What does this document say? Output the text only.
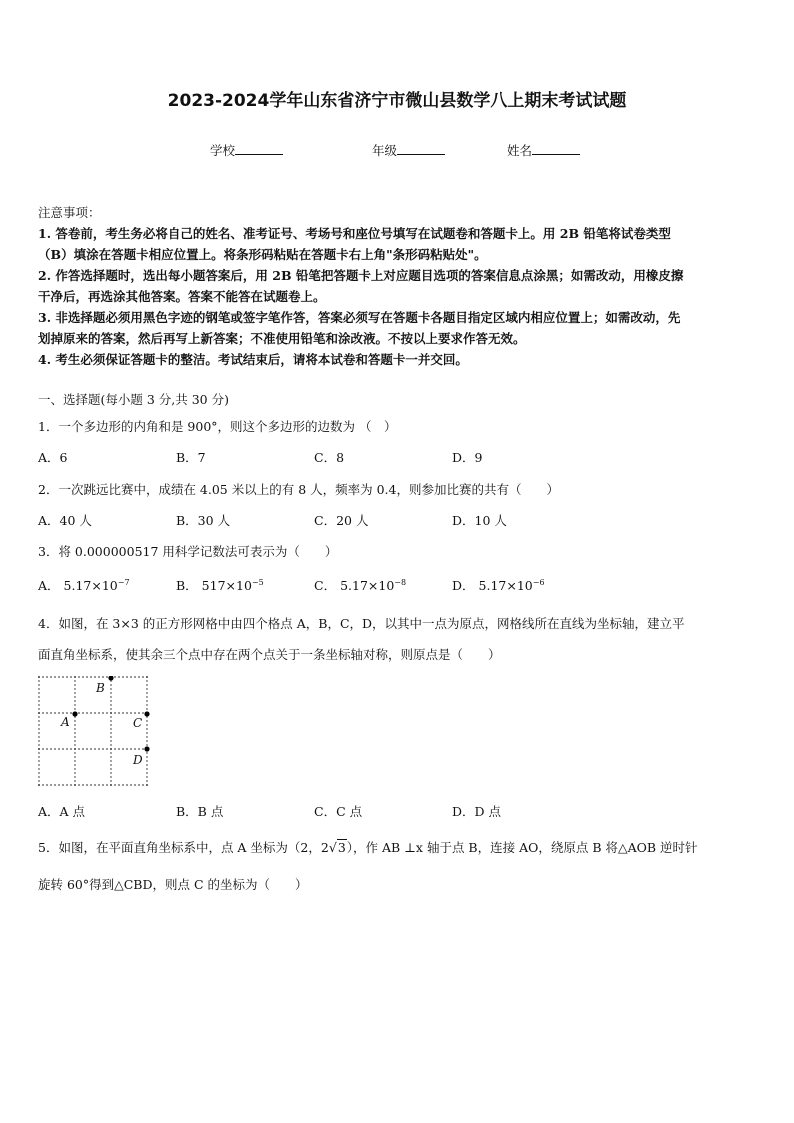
2023-2024学年山东省济宁市微山县数学八上期末考试试题
学校	年级	姓名
注意事项：
1. 答卷前，考生务必将自己的姓名、准考证号、考场号和座位号填写在试题卷和答题卡上。用 2B 铅笔将试卷类型
（B）填涂在答题卡相应位置上。将条形码粘贴在答题卡右上角"条形码粘贴处"。
2. 作答选择题时，选出每小题答案后，用 2B 铅笔把答题卡上对应题目选项的答案信息点涂黑；如需改动，用橡皮擦
干净后，再选涂其他答案。答案不能答在试题卷上。
3. 非选择题必须用黑色字迹的钢笔或签字笔作答，答案必须写在答题卡各题目指定区域内相应位置上；如需改动，先
划掉原来的答案，然后再写上新答案；不准使用铅笔和涂改液。不按以上要求作答无效。
4. 考生必须保证答题卡的整洁。考试结束后，请将本试卷和答题卡一并交回。
一、选择题(每小题 3 分,共 30 分)
1．一个多边形的内角和是 900°，则这个多边形的边数为 （　）
A．6	B．7	C．8	D．9
2．一次跳远比赛中，成绩在 4.05 米以上的有 8 人，频率为 0.4，则参加比赛的共有（　　）
A．40 人	B．30 人	C．20 人	D．10 人
3．将 0.000000517 用科学记数法可表示为（　　）
A． $5.17\times 10^{-7}$	B． $517\times 10^{-5}$	C． $5.17\times 10^{-8}$	D． $5.17\times 10^{-6}$
4．如图，在 3×3 的正方形网格中由四个格点 A，B，C，D，以其中一点为原点，网格线所在直线为坐标轴，建立平
面直角坐标系，使其余三个点中存在两个点关于一条坐标轴对称，则原点是（　　）
B
A	C
D
A．A 点	B．B 点	C．C 点	D．D 点
5．如图，在平面直角坐标系中，点 A 坐标为（2，2√3），作 AB ⊥x 轴于点 B，连接 AO，绕原点 B 将△AOB 逆时针
旋转 60°得到△CBD，则点 C 的坐标为（　　）
